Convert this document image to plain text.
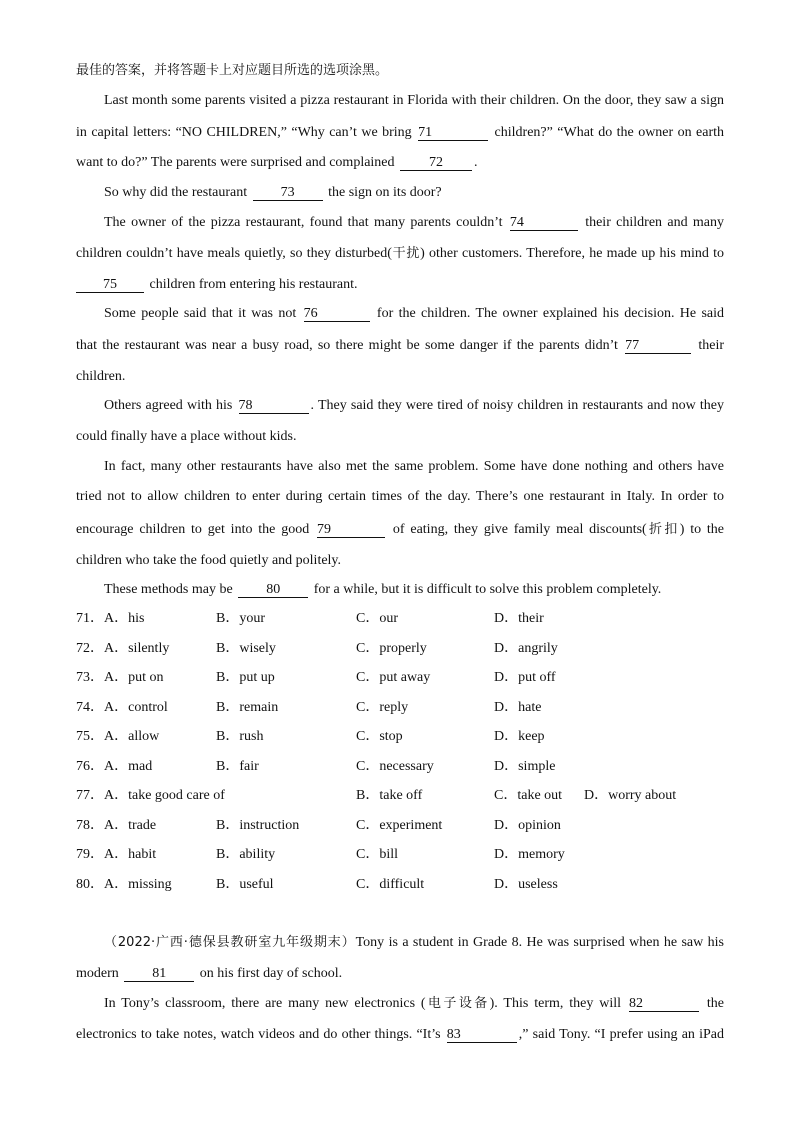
最佳的答案，并将答题卡上对应题目所选的选项涂黑。
Last month some parents visited a pizza restaurant in Florida with their children. On the door, they saw a sign
in capital letters: “NO CHILDREN,” “Why can’t we bring 71	children?” “What do the owner on earth
want to do?” The parents were surprised and complained 72 .
So why did the restaurant 73 the sign on its door?
The owner of the pizza restaurant, found that many parents couldn’t 74	their children and many
children couldn’t have meals quietly, so they disturbed(干扰) other customers. Therefore, he made up his mind to
75 children from entering his restaurant.
Some people said that it was not 76	for the children. The owner explained his decision. He said
that the restaurant was near a busy road, so there might be some danger if the parents didn’t 77	their
children.
Others agreed with his 78	. They said they were tired of noisy children in restaurants and now they
could finally have a place without kids.
In fact, many other restaurants have also met the same problem. Some have done nothing and others have
tried not to allow children to enter during certain times of the day. There’s one restaurant in Italy. In order to
encourage children to get into the good 79	of eating, they give family meal discounts(折扣) to the
children who take the food quietly and politely.
These methods may be 80 for a while, but it is difficult to solve this problem completely.
71． A．his	B．your	C．our	D．their
72． A．silently	B．wisely	C．properly	D．angrily
73． A．put on	B．put up	C．put away	D．put off
74． A．control	B．remain	C．reply	D．hate
75． A．allow	B．rush	C．stop	D．keep
76． A．mad	B．fair	C．necessary	D．simple
77． A．take good care of	B．take off	C．take out D．worry about
78． A．trade	B．instruction	C．experiment	D．opinion
79． A．habit	B．ability	C．bill	D．memory
80． A．missing	B．useful	C．difficult	D．useless
（2022·广西·德保县教研室九年级期末）Tony is a student in Grade 8. He was surprised when he saw his
modern 81 on his first day of school.
In Tony’s classroom, there are many new electronics (电子设备). This term, they will 82	the
electronics to take notes, watch videos and do other things. “It’s 83	,” said Tony. “I prefer using an iPad
